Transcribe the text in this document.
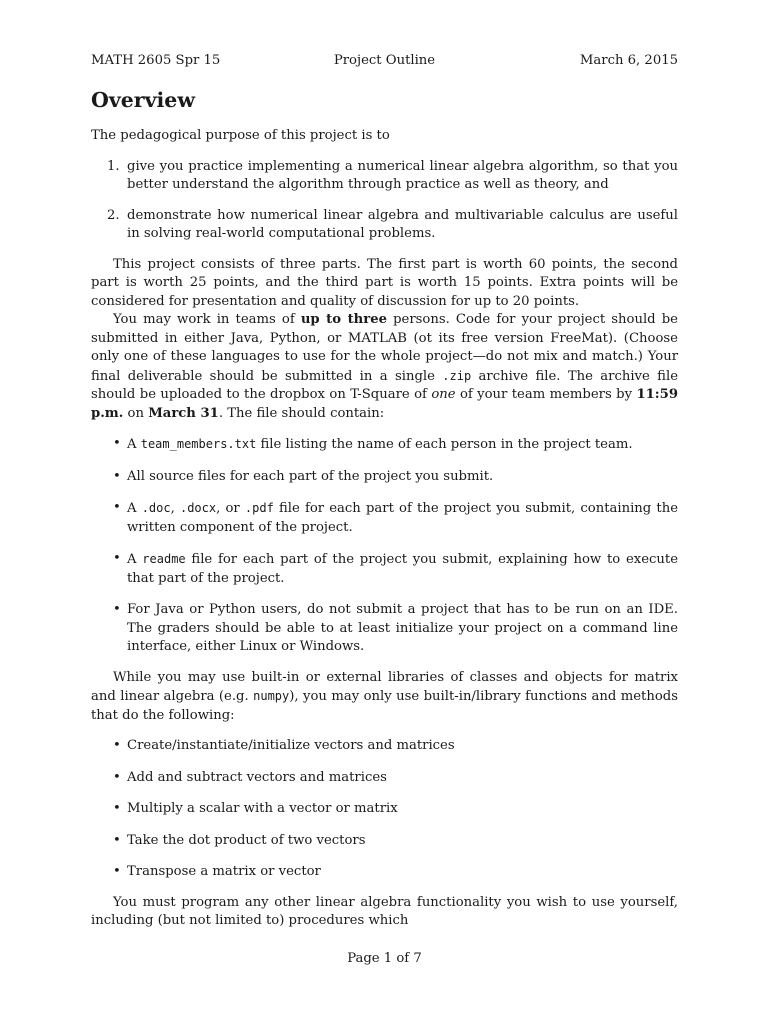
MATH 2605 Spr 15	Project Outline	March 6, 2015
Overview

The pedagogical purpose of this project is to

1. give you practice implementing a numerical linear algebra algorithm, so that you better understand the algorithm through practice as well as theory, and
2. demonstrate how numerical linear algebra and multivariable calculus are useful in solving real-world computational problems.

This project consists of three parts. The first part is worth 60 points, the second part is worth 25 points, and the third part is worth 15 points. Extra points will be considered for presentation and quality of discussion for up to 20 points.

You may work in teams of up to three persons. Code for your project should be submitted in either Java, Python, or MATLAB (ot its free version FreeMat). (Choose only one of these languages to use for the whole project—do not mix and match.) Your final deliverable should be submitted in a single .zip archive file. The archive file should be uploaded to the dropbox on T-Square of one of your team members by 11:59 p.m. on March 31. The file should contain:

• A team_members.txt file listing the name of each person in the project team.
• All source files for each part of the project you submit.
• A .doc, .docx, or .pdf file for each part of the project you submit, containing the written component of the project.
• A readme file for each part of the project you submit, explaining how to execute that part of the project.
• For Java or Python users, do not submit a project that has to be run on an IDE. The graders should be able to at least initialize your project on a command line interface, either Linux or Windows.

While you may use built-in or external libraries of classes and objects for matrix and linear algebra (e.g. numpy), you may only use built-in/library functions and methods that do the following:

• Create/instantiate/initialize vectors and matrices
• Add and subtract vectors and matrices
• Multiply a scalar with a vector or matrix
• Take the dot product of two vectors
• Transpose a matrix or vector

You must program any other linear algebra functionality you wish to use yourself, including (but not limited to) procedures which

Page 1 of 7
